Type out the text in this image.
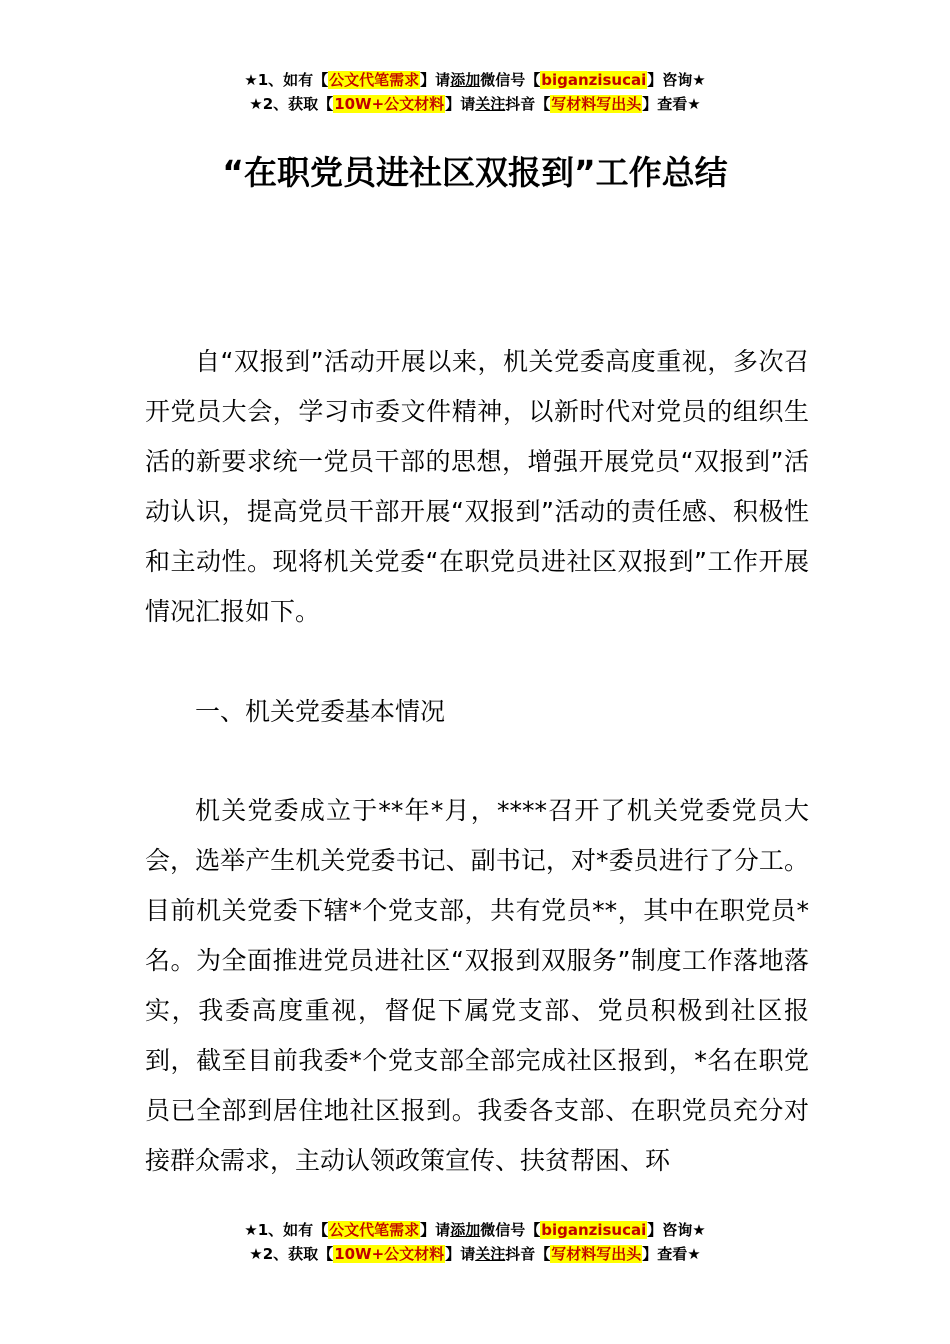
★1、如有【公文代笔需求】请添加微信号【biganzisucai】咨询★
★2、获取【10W+公文材料】请关注抖音【写材料写出头】查看★
“在职党员进社区双报到”工作总结

自“双报到”活动开展以来，机关党委高度重视，多次召开党员大会，学习市委文件精神，以新时代对党员的组织生活的新要求统一党员干部的思想，增强开展党员“双报到”活动认识，提高党员干部开展“双报到”活动的责任感、积极性和主动性。现将机关党委“在职党员进社区双报到”工作开展情况汇报如下。

一、机关党委基本情况

机关党委成立于**年*月，****召开了机关党委党员大会，选举产生机关党委书记、副书记，对*委员进行了分工。目前机关党委下辖*个党支部，共有党员**，其中在职党员*名。为全面推进党员进社区“双报到双服务”制度工作落地落实，我委高度重视，督促下属党支部、党员积极到社区报到，截至目前我委*个党支部全部完成社区报到，*名在职党员已全部到居住地社区报到。我委各支部、在职党员充分对接群众需求，主动认领政策宣传、扶贫帮困、环

★1、如有【公文代笔需求】请添加微信号【biganzisucai】咨询★
★2、获取【10W+公文材料】请关注抖音【写材料写出头】查看★
